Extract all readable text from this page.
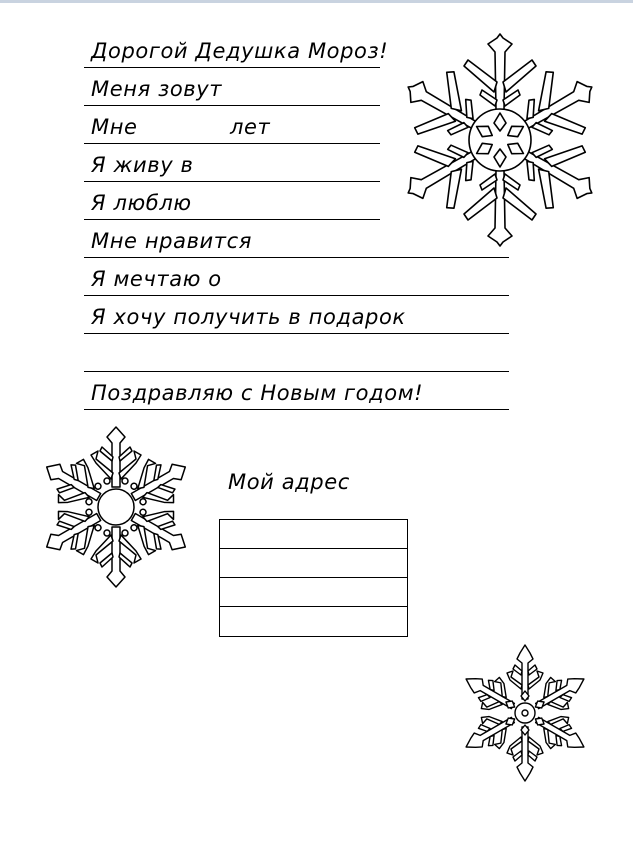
Дорогой Дедушка Мороз!
Меня зовут
Мне	лет
Я живу в
Я люблю
Мне нравится
Я мечтаю о
Я хочу получить в подарок
Поздравляю с Новым годом!
Мой адрес
